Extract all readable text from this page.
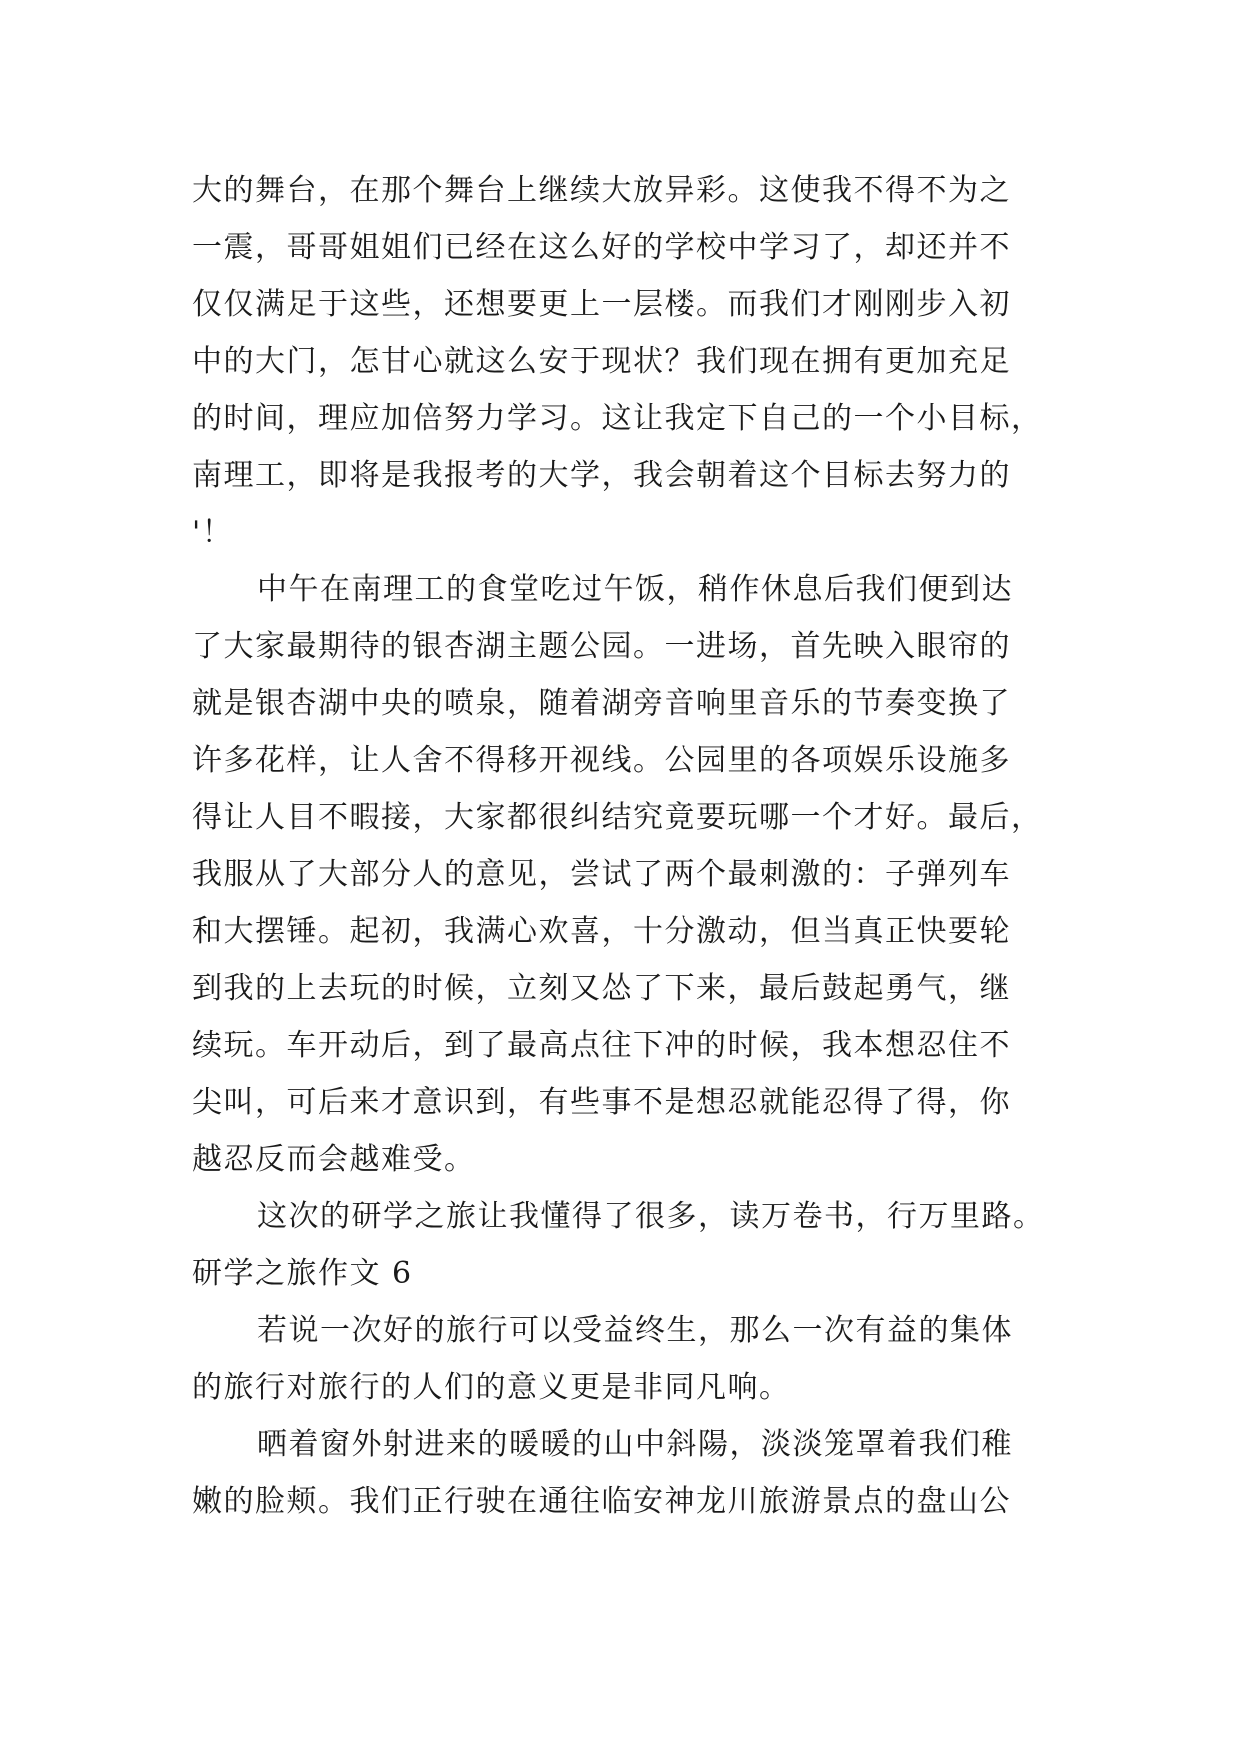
大的舞台，在那个舞台上继续大放异彩。这使我不得不为之
一震，哥哥姐姐们已经在这么好的学校中学习了，却还并不
仅仅满足于这些，还想要更上一层楼。而我们才刚刚步入初
中的大门，怎甘心就这么安于现状？我们现在拥有更加充足
的时间，理应加倍努力学习。这让我定下自己的一个小目标，
南理工，即将是我报考的大学，我会朝着这个目标去努力的
'！
中午在南理工的食堂吃过午饭，稍作休息后我们便到达
了大家最期待的银杏湖主题公园。一进场，首先映入眼帘的
就是银杏湖中央的喷泉，随着湖旁音响里音乐的节奏变换了
许多花样，让人舍不得移开视线。公园里的各项娱乐设施多
得让人目不暇接，大家都很纠结究竟要玩哪一个才好。最后，
我服从了大部分人的意见，尝试了两个最刺激的：子弹列车
和大摆锤。起初，我满心欢喜，十分激动，但当真正快要轮
到我的上去玩的时候，立刻又怂了下来，最后鼓起勇气，继
续玩。车开动后，到了最高点往下冲的时候，我本想忍住不
尖叫，可后来才意识到，有些事不是想忍就能忍得了得，你
越忍反而会越难受。
这次的研学之旅让我懂得了很多，读万卷书，行万里路。
研学之旅作文 6
若说一次好的旅行可以受益终生，那么一次有益的集体
的旅行对旅行的人们的意义更是非同凡响。
晒着窗外射进来的暖暖的山中斜陽，淡淡笼罩着我们稚
嫩的脸颊。我们正行驶在通往临安神龙川旅游景点的盘山公
